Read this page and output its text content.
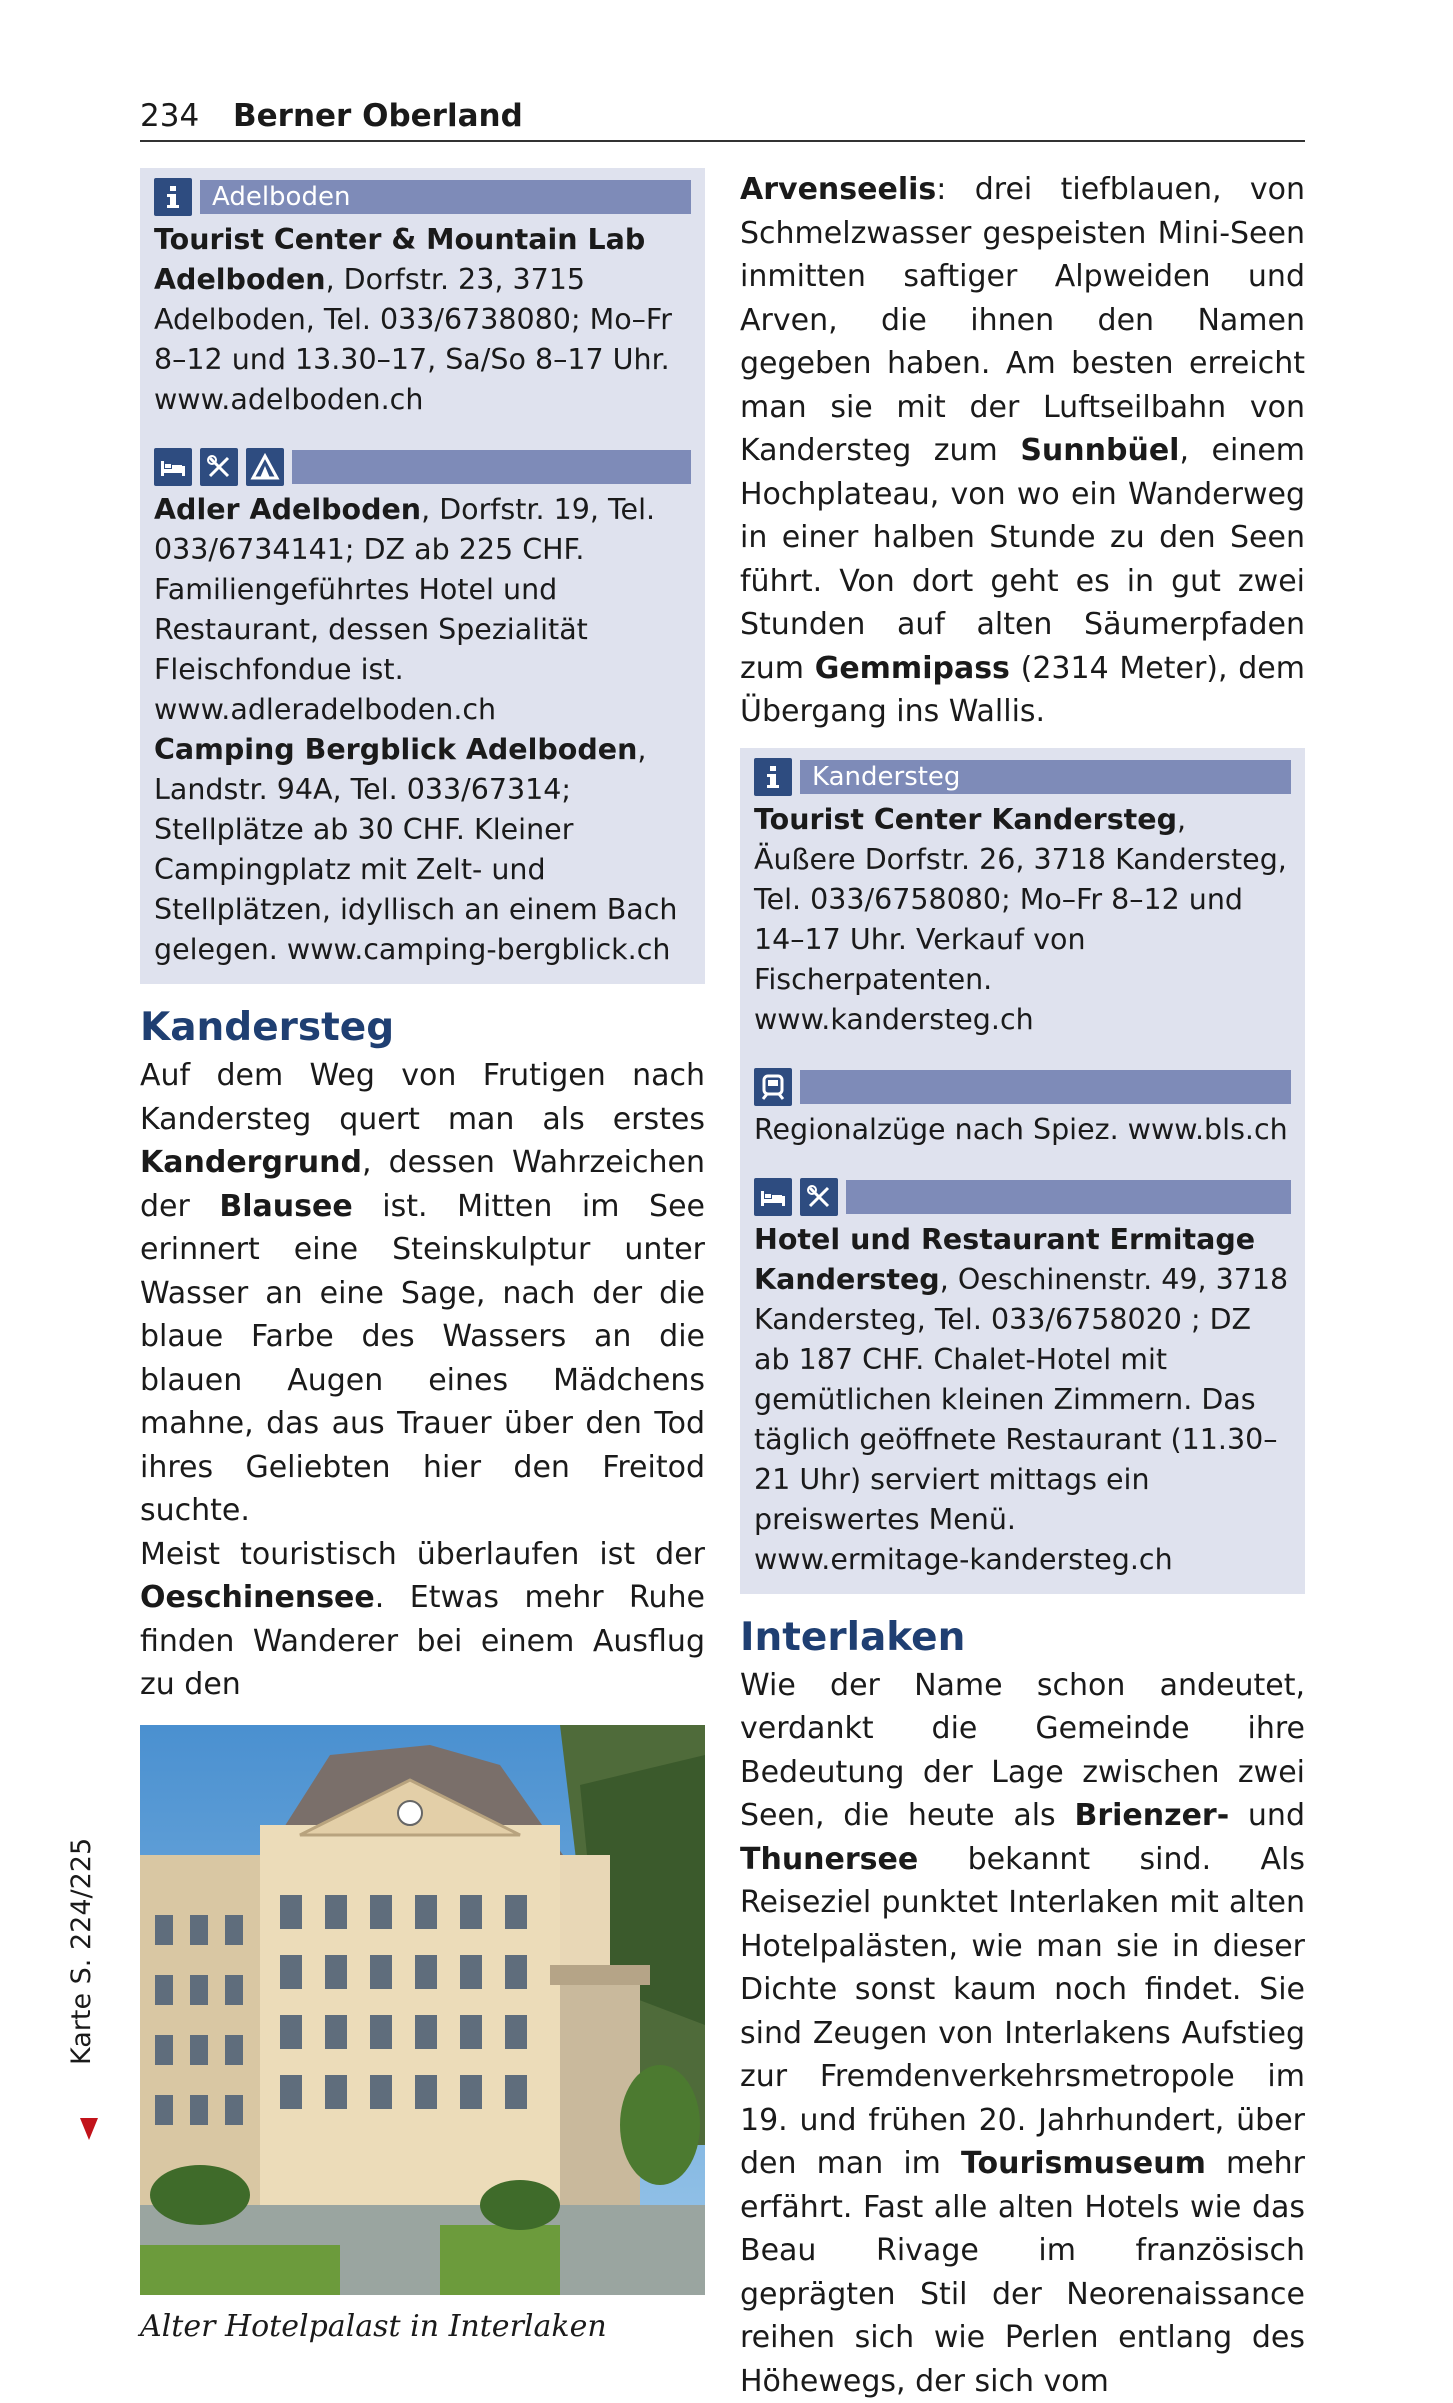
234 Berner Oberland
Adelboden
Tourist Center & Mountain Lab Adelboden, Dorfstr. 23, 3715 Adelboden, Tel. 033/6738080; Mo–Fr 8–12 und 13.30–17, Sa/So 8–17 Uhr.
www.adelboden.ch
Adler Adelboden, Dorfstr. 19, Tel. 033/6734141; DZ ab 225 CHF. Familiengeführtes Hotel und Restaurant, dessen Spezialität Fleischfondue ist.
www.adleradelboden.ch
Camping Bergblick Adelboden, Landstr. 94A, Tel. 033/67314; Stellplätze ab 30 CHF. Kleiner Campingplatz mit Zelt- und Stellplätzen, idyllisch an einem Bach gelegen. www.camping-bergblick.ch
Kandersteg

Auf dem Weg von Frutigen nach Kandersteg quert man als erstes Kandergrund, dessen Wahrzeichen der Blausee ist. Mitten im See erinnert eine Steinskulptur unter Wasser an eine Sage, nach der die blaue Farbe des Wassers an die blauen Augen eines Mädchens mahne, das aus Trauer über den Tod ihres Geliebten hier den Freitod suchte.

Meist touristisch überlaufen ist der Oeschinensee. Etwas mehr Ruhe finden Wanderer bei einem Ausflug zu den

Alter Hotelpalast in Interlaken

Arvenseelis: drei tiefblauen, von Schmelzwasser gespeisten Mini-Seen inmitten saftiger Alpweiden und Arven, die ihnen den Namen gegeben haben. Am besten erreicht man sie mit der Luftseilbahn von Kandersteg zum Sunnbüel, einem Hochplateau, von wo ein Wanderweg in einer halben Stunde zu den Seen führt. Von dort geht es in gut zwei Stunden auf alten Säumerpfaden zum Gemmipass (2314 Meter), dem Übergang ins Wallis.

Kandersteg
Tourist Center Kandersteg, Äußere Dorfstr. 26, 3718 Kandersteg, Tel. 033/6758080; Mo–Fr 8–12 und 14–17 Uhr. Verkauf von Fischerpatenten.
www.kandersteg.ch
Regionalzüge nach Spiez. www.bls.ch
Hotel und Restaurant Ermitage Kandersteg, Oeschinenstr. 49, 3718 Kandersteg, Tel. 033/6758020 ; DZ ab 187 CHF. Chalet-Hotel mit gemütlichen kleinen Zimmern. Das täglich geöffnete Restaurant (11.30–21 Uhr) serviert mittags ein preiswertes Menü.
www.ermitage-kandersteg.ch
Interlaken

Wie der Name schon andeutet, verdankt die Gemeinde ihre Bedeutung der Lage zwischen zwei Seen, die heute als Brienzer- und Thunersee bekannt sind. Als Reiseziel punktet Interlaken mit alten Hotelpalästen, wie man sie in dieser Dichte sonst kaum noch findet. Sie sind Zeugen von Interlakens Aufstieg zur Fremdenverkehrsmetropole im 19. und frühen 20. Jahrhundert, über den man im Tourismuseum mehr erfährt. Fast alle alten Hotels wie das Beau Rivage im französisch geprägten Stil der Neorenaissance reihen sich wie Perlen entlang des Höhewegs, der sich vom

Karte S. 224/225
